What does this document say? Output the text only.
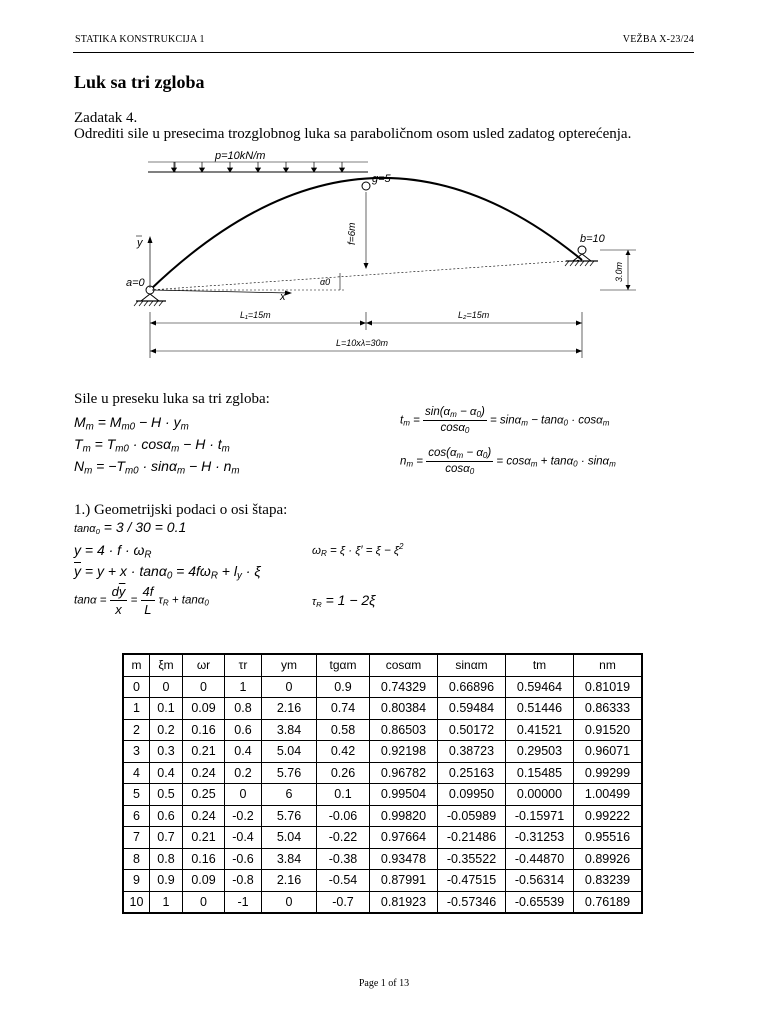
STATIKA KONSTRUKCIJA 1	VEŽBA X-23/24
Luk sa tri zgloba
Zadatak 4.
Odrediti sile u presecima trozglobnog luka sa paraboličnom osom usled zadatog opterećenja.
p=10kN/m
g=5
f=6m
α0
a=0
b=10
3.0m
y
x
L₁=15m	L₂=15m
L=10xλ=30m
Sile u preseku luka sa tri zgloba:
$M_m = M_{m0} - H \cdot y_m$
$T_m = T_{m0} \cdot \cos\alpha_m - H \cdot t_m$
$N_m = -T_{m0} \cdot \sin\alpha_m - H \cdot n_m$
$t_m = \frac{\sin(\alpha_m - \alpha_0)}{\cos\alpha_0} = \sin\alpha_m - \tan\alpha_0 \cdot \cos\alpha_m$
$n_m = \frac{\cos(\alpha_m - \alpha_0)}{\cos\alpha_0} = \cos\alpha_m + \tan\alpha_0 \cdot \sin\alpha_m$
1.) Geometrijski podaci o osi štapa:
tanα$_0$ = 3 / 30 = 0.1
$y = 4 \cdot f \cdot \omega_R$	$\omega_R = \xi \cdot \xi' = \xi - \xi^2$
$\overline{y} = y + x \cdot \tan\alpha_0 = 4f\omega_R + l_y \cdot \xi$
$\tan\alpha = \frac{d\overline{y}}{x} = \frac{4f}{L} \tau_R + \tan\alpha_0$	$\tau_R = 1 - 2\xi$
m	ξm	ωr	τr	ym	tgαm	cosαm	sinαm	tm	nm
0	0	0	1	0	0.9	0.74329	0.66896	0.59464	0.81019
1	0.1	0.09	0.8	2.16	0.74	0.80384	0.59484	0.51446	0.86333
2	0.2	0.16	0.6	3.84	0.58	0.86503	0.50172	0.41521	0.91520
3	0.3	0.21	0.4	5.04	0.42	0.92198	0.38723	0.29503	0.96071
4	0.4	0.24	0.2	5.76	0.26	0.96782	0.25163	0.15485	0.99299
5	0.5	0.25	0	6	0.1	0.99504	0.09950	0.00000	1.00499
6	0.6	0.24	-0.2	5.76	-0.06	0.99820	-0.05989	-0.15971	0.99222
7	0.7	0.21	-0.4	5.04	-0.22	0.97664	-0.21486	-0.31253	0.95516
8	0.8	0.16	-0.6	3.84	-0.38	0.93478	-0.35522	-0.44870	0.89926
9	0.9	0.09	-0.8	2.16	-0.54	0.87991	-0.47515	-0.56314	0.83239
10	1	0	-1	0	-0.7	0.81923	-0.57346	-0.65539	0.76189
Page 1 of 13
